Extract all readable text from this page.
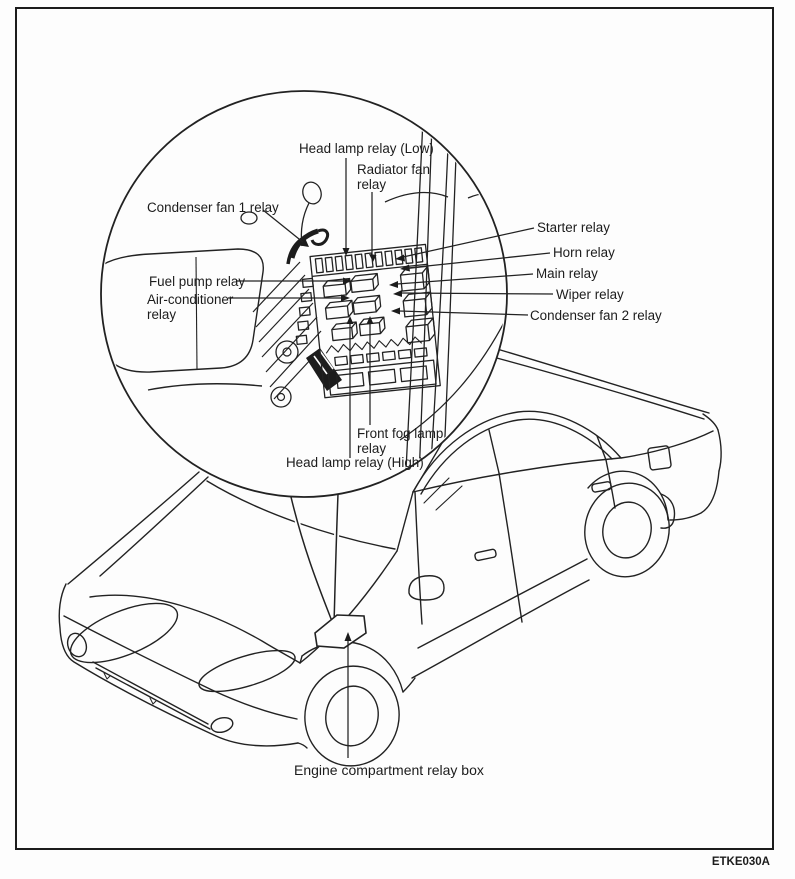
Head lamp relay (Low)
Radiator fan
relay
Condenser fan 1 relay
Fuel pump relay
Air-conditioner
relay
Starter relay
Horn relay
Main relay
Wiper relay
Condenser fan 2 relay
Front fog lamp
relay
Head lamp relay (High)
Engine compartment relay box
ETKE030A
